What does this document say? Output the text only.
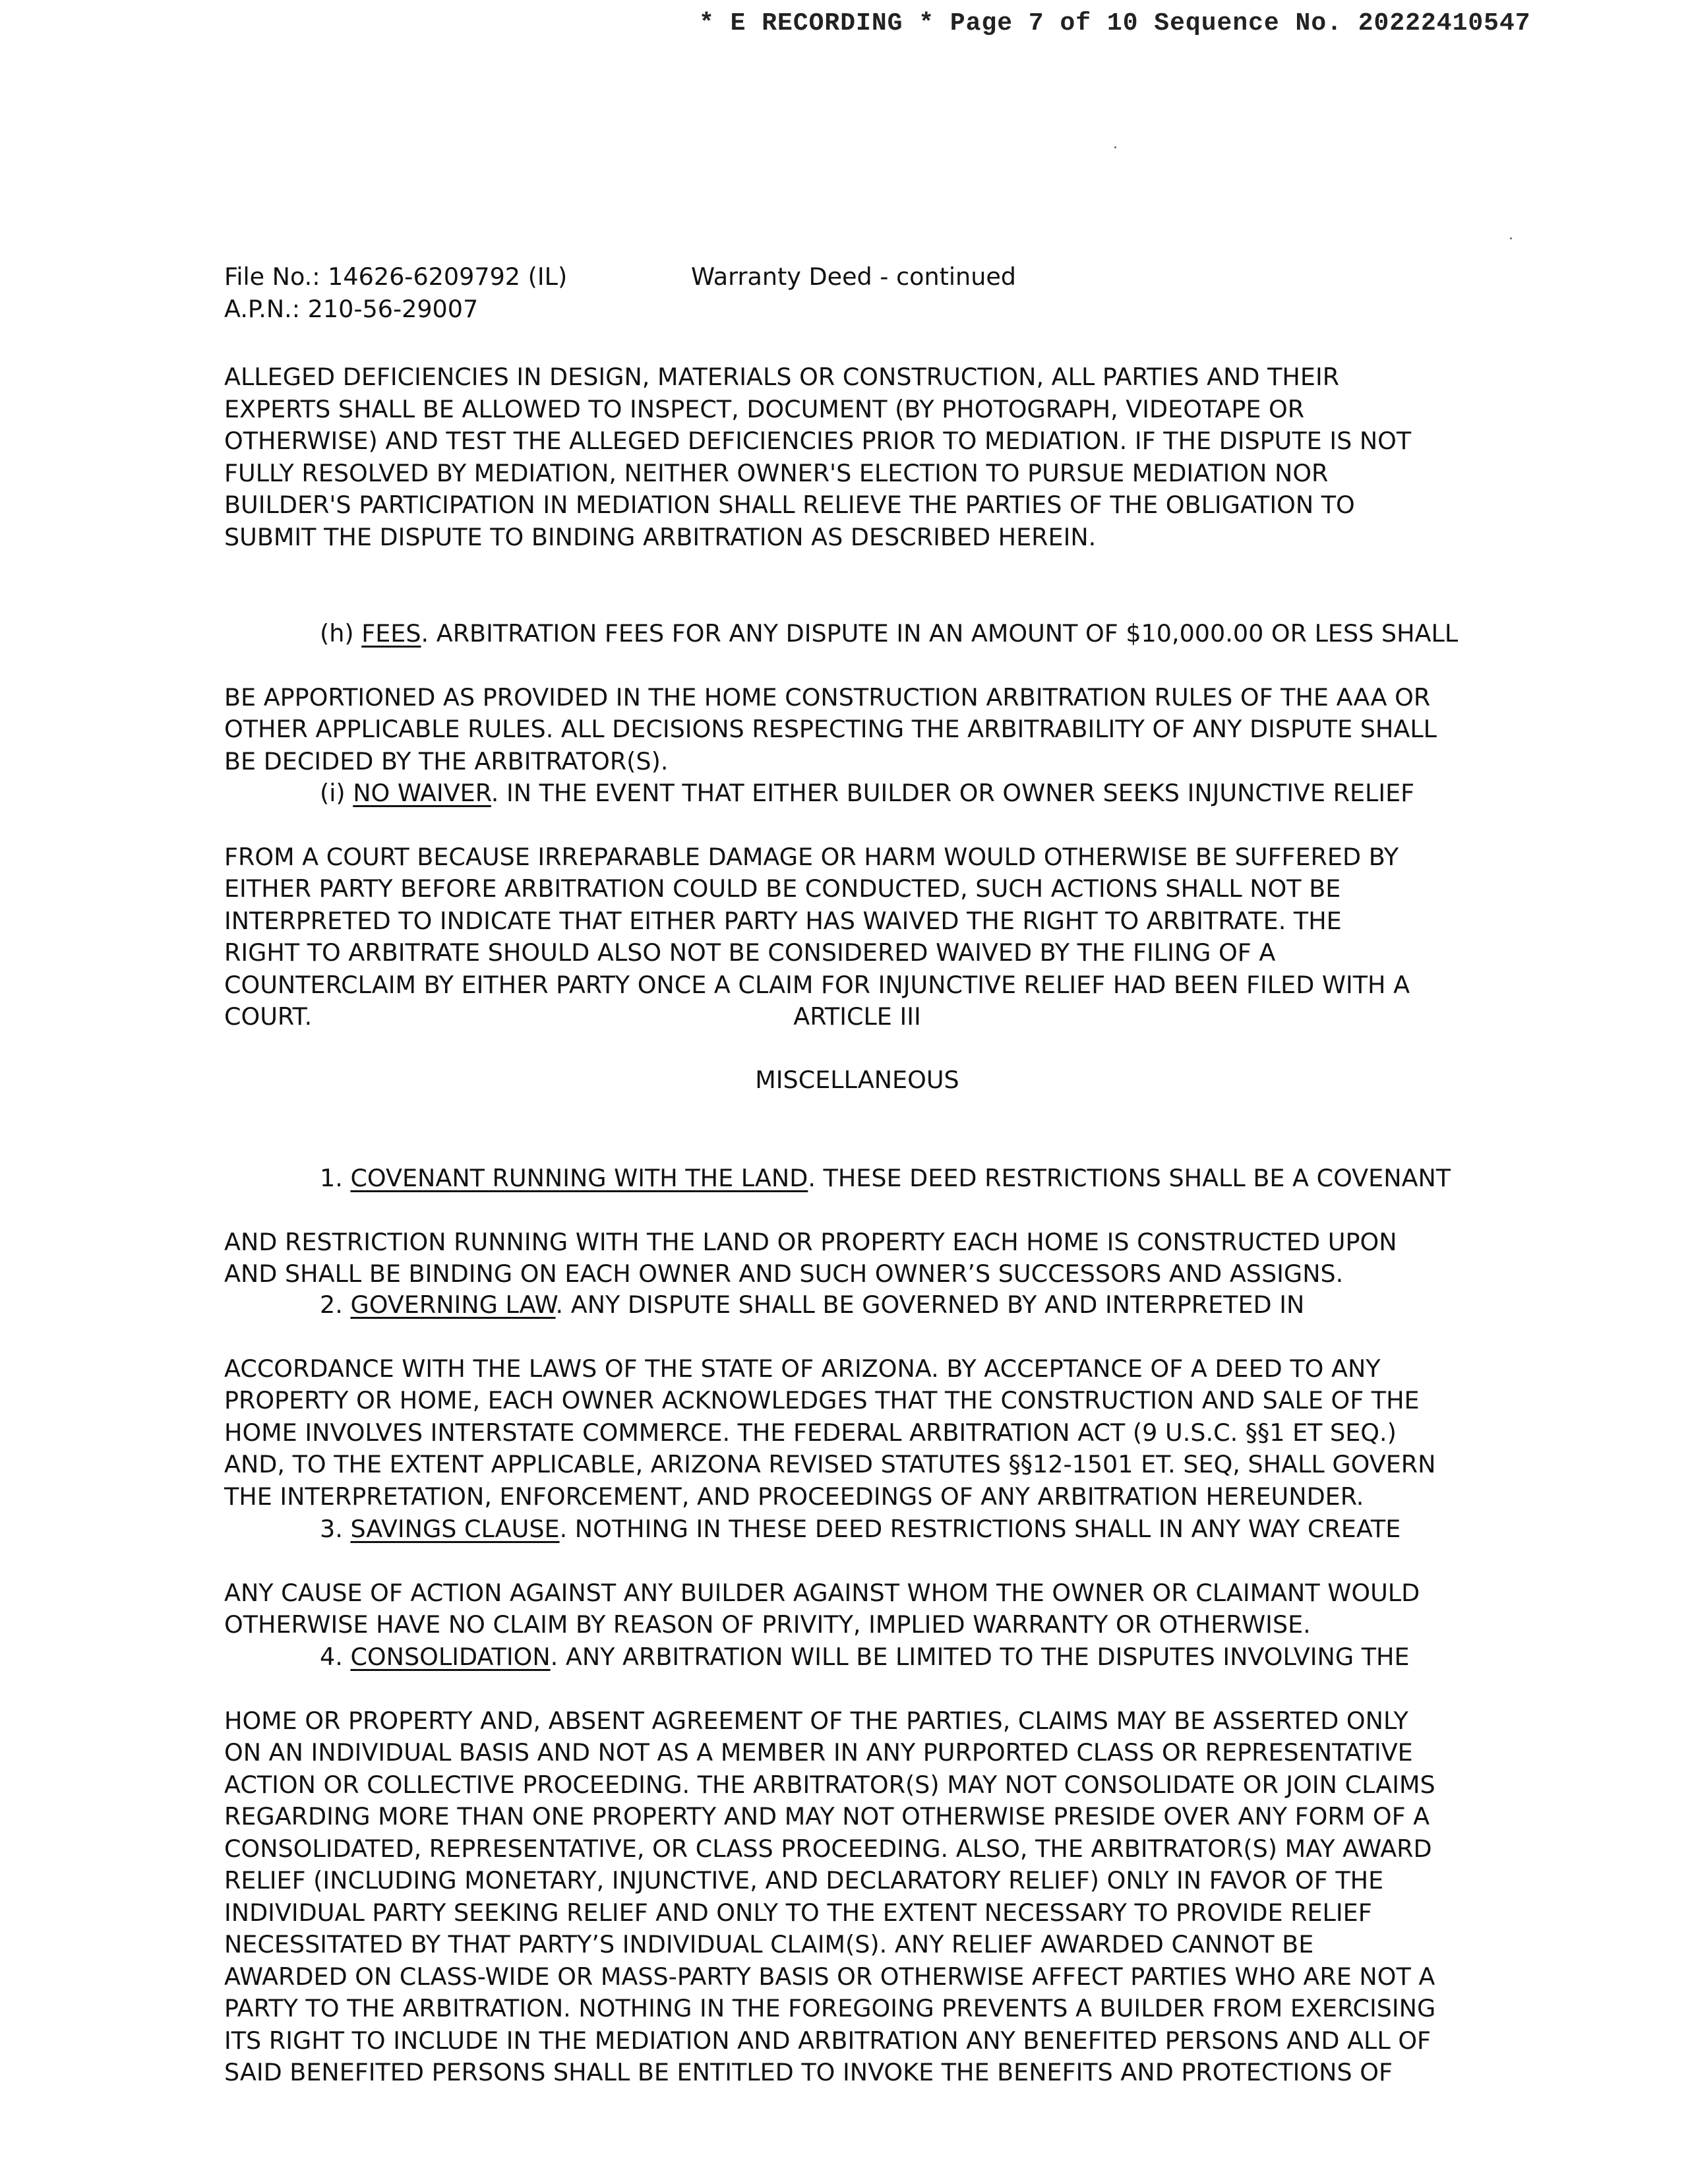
* E RECORDING * Page 7 of 10 Sequence No. 20222410547
File No.: 14626-6209792 (IL)	Warranty Deed - continued
A.P.N.: 210-56-29007

ALLEGED DEFICIENCIES IN DESIGN, MATERIALS OR CONSTRUCTION, ALL PARTIES AND THEIR
EXPERTS SHALL BE ALLOWED TO INSPECT, DOCUMENT (BY PHOTOGRAPH, VIDEOTAPE OR
OTHERWISE) AND TEST THE ALLEGED DEFICIENCIES PRIOR TO MEDIATION. IF THE DISPUTE IS NOT
FULLY RESOLVED BY MEDIATION, NEITHER OWNER'S ELECTION TO PURSUE MEDIATION NOR
BUILDER'S PARTICIPATION IN MEDIATION SHALL RELIEVE THE PARTIES OF THE OBLIGATION TO
SUBMIT THE DISPUTE TO BINDING ARBITRATION AS DESCRIBED HEREIN.

(h) FEES. ARBITRATION FEES FOR ANY DISPUTE IN AN AMOUNT OF $10,000.00 OR LESS SHALL

BE APPORTIONED AS PROVIDED IN THE HOME CONSTRUCTION ARBITRATION RULES OF THE AAA OR
OTHER APPLICABLE RULES. ALL DECISIONS RESPECTING THE ARBITRABILITY OF ANY DISPUTE SHALL
BE DECIDED BY THE ARBITRATOR(S).

(i) NO WAIVER. IN THE EVENT THAT EITHER BUILDER OR OWNER SEEKS INJUNCTIVE RELIEF

FROM A COURT BECAUSE IRREPARABLE DAMAGE OR HARM WOULD OTHERWISE BE SUFFERED BY
EITHER PARTY BEFORE ARBITRATION COULD BE CONDUCTED, SUCH ACTIONS SHALL NOT BE
INTERPRETED TO INDICATE THAT EITHER PARTY HAS WAIVED THE RIGHT TO ARBITRATE. THE
RIGHT TO ARBITRATE SHOULD ALSO NOT BE CONSIDERED WAIVED BY THE FILING OF A
COUNTERCLAIM BY EITHER PARTY ONCE A CLAIM FOR INJUNCTIVE RELIEF HAD BEEN FILED WITH A
COURT.	ARTICLE III

MISCELLANEOUS

1. COVENANT RUNNING WITH THE LAND. THESE DEED RESTRICTIONS SHALL BE A COVENANT

AND RESTRICTION RUNNING WITH THE LAND OR PROPERTY EACH HOME IS CONSTRUCTED UPON
AND SHALL BE BINDING ON EACH OWNER AND SUCH OWNER’S SUCCESSORS AND ASSIGNS.

2. GOVERNING LAW. ANY DISPUTE SHALL BE GOVERNED BY AND INTERPRETED IN

ACCORDANCE WITH THE LAWS OF THE STATE OF ARIZONA. BY ACCEPTANCE OF A DEED TO ANY
PROPERTY OR HOME, EACH OWNER ACKNOWLEDGES THAT THE CONSTRUCTION AND SALE OF THE
HOME INVOLVES INTERSTATE COMMERCE. THE FEDERAL ARBITRATION ACT (9 U.S.C. §§1 ET SEQ.)
AND, TO THE EXTENT APPLICABLE, ARIZONA REVISED STATUTES §§12-1501 ET. SEQ, SHALL GOVERN
THE INTERPRETATION, ENFORCEMENT, AND PROCEEDINGS OF ANY ARBITRATION HEREUNDER.

3. SAVINGS CLAUSE. NOTHING IN THESE DEED RESTRICTIONS SHALL IN ANY WAY CREATE

ANY CAUSE OF ACTION AGAINST ANY BUILDER AGAINST WHOM THE OWNER OR CLAIMANT WOULD
OTHERWISE HAVE NO CLAIM BY REASON OF PRIVITY, IMPLIED WARRANTY OR OTHERWISE.

4. CONSOLIDATION. ANY ARBITRATION WILL BE LIMITED TO THE DISPUTES INVOLVING THE

HOME OR PROPERTY AND, ABSENT AGREEMENT OF THE PARTIES, CLAIMS MAY BE ASSERTED ONLY
ON AN INDIVIDUAL BASIS AND NOT AS A MEMBER IN ANY PURPORTED CLASS OR REPRESENTATIVE
ACTION OR COLLECTIVE PROCEEDING. THE ARBITRATOR(S) MAY NOT CONSOLIDATE OR JOIN CLAIMS
REGARDING MORE THAN ONE PROPERTY AND MAY NOT OTHERWISE PRESIDE OVER ANY FORM OF A
CONSOLIDATED, REPRESENTATIVE, OR CLASS PROCEEDING. ALSO, THE ARBITRATOR(S) MAY AWARD
RELIEF (INCLUDING MONETARY, INJUNCTIVE, AND DECLARATORY RELIEF) ONLY IN FAVOR OF THE
INDIVIDUAL PARTY SEEKING RELIEF AND ONLY TO THE EXTENT NECESSARY TO PROVIDE RELIEF
NECESSITATED BY THAT PARTY’S INDIVIDUAL CLAIM(S). ANY RELIEF AWARDED CANNOT BE
AWARDED ON CLASS-WIDE OR MASS-PARTY BASIS OR OTHERWISE AFFECT PARTIES WHO ARE NOT A
PARTY TO THE ARBITRATION. NOTHING IN THE FOREGOING PREVENTS A BUILDER FROM EXERCISING
ITS RIGHT TO INCLUDE IN THE MEDIATION AND ARBITRATION ANY BENEFITED PERSONS AND ALL OF
SAID BENEFITED PERSONS SHALL BE ENTITLED TO INVOKE THE BENEFITS AND PROTECTIONS OF
